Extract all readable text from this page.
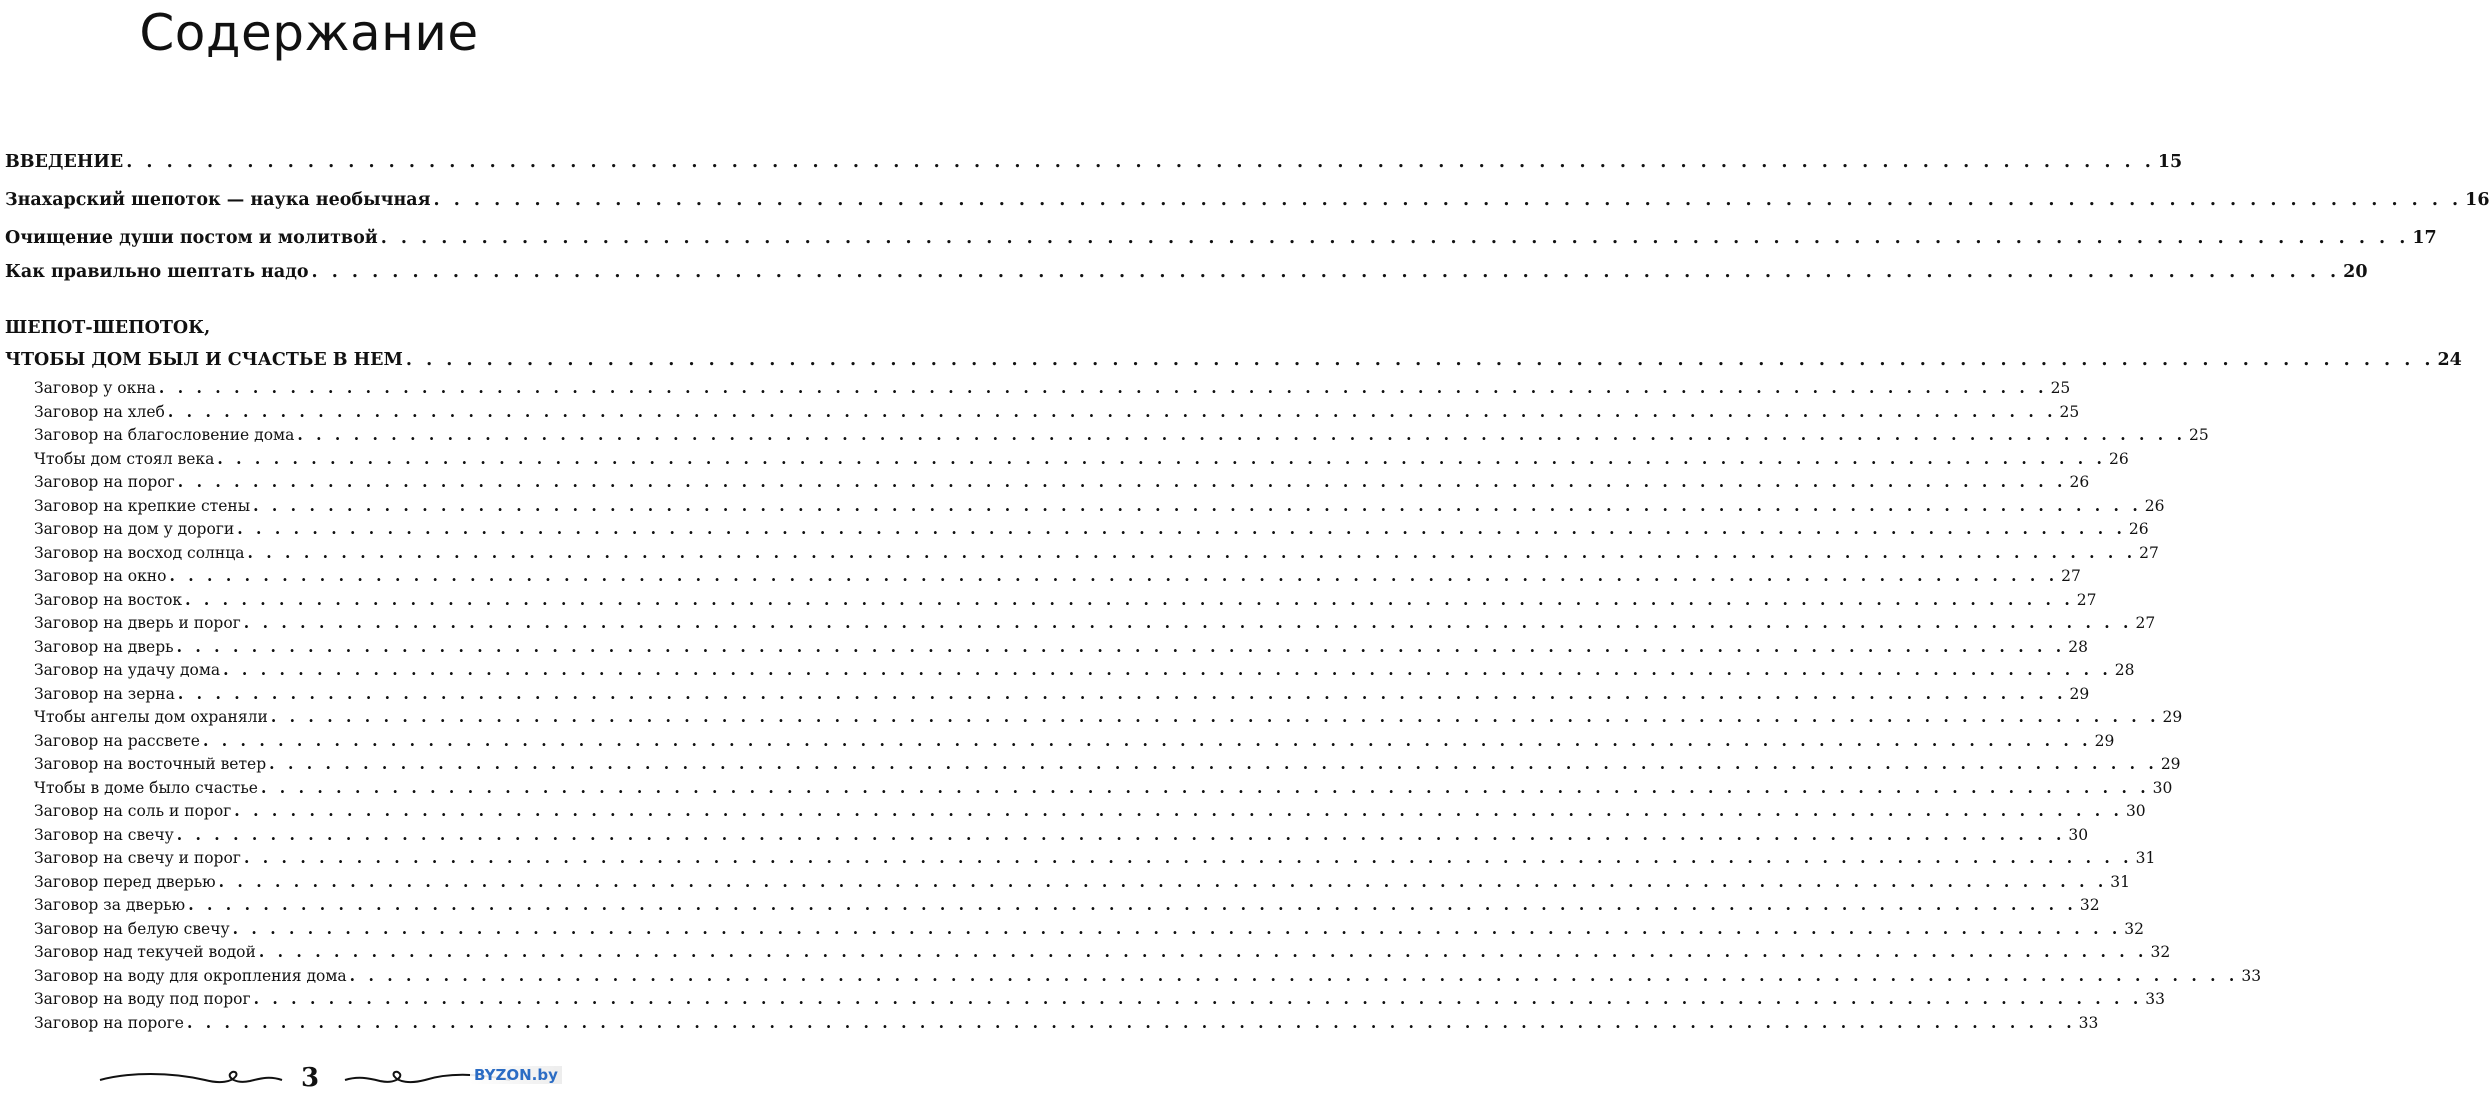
Содержание
ВВЕДЕНИЕ . . . . . . . . . . . . . . . . . . . . . . . . . . . . . . . . . . . . . . . . . . . . . . . . . . . . . . . . . . . . . . . . . . . . . . . . . . . . . . . . . . . . . . . . . . . . . . . . . . . . . 15
Знахарский шепоток — наука необычная . . . . . . . . . . . . . . . . . . . . . . . . . . . . . . . . . . . . . . . . . . . . . . . . . . . . . . . . . . . . . . . . . . . . . . . . . . . . . . . . . . . . . . . . . . . . . . . . . . . . . 16
Очищение души постом и молитвой . . . . . . . . . . . . . . . . . . . . . . . . . . . . . . . . . . . . . . . . . . . . . . . . . . . . . . . . . . . . . . . . . . . . . . . . . . . . . . . . . . . . . . . . . . . . . . . . . . . . . 17
Как правильно шептать надо . . . . . . . . . . . . . . . . . . . . . . . . . . . . . . . . . . . . . . . . . . . . . . . . . . . . . . . . . . . . . . . . . . . . . . . . . . . . . . . . . . . . . . . . . . . . . . . . . . . . . 20
ШЕПОТ-ШЕПОТОК,
ЧТОБЫ ДОМ БЫЛ И СЧАСТЬЕ В НЕМ . . . . . . . . . . . . . . . . . . . . . . . . . . . . . . . . . . . . . . . . . . . . . . . . . . . . . . . . . . . . . . . . . . . . . . . . . . . . . . . . . . . . . . . . . . . . . . . . . . . . . 24
Заговор у окна . . . . . . . . . . . . . . . . . . . . . . . . . . . . . . . . . . . . . . . . . . . . . . . . . . . . . . . . . . . . . . . . . . . . . . . . . . . . . . . . . . . . . . . . . . . . . . . . . . . . . 25
Заговор на хлеб . . . . . . . . . . . . . . . . . . . . . . . . . . . . . . . . . . . . . . . . . . . . . . . . . . . . . . . . . . . . . . . . . . . . . . . . . . . . . . . . . . . . . . . . . . . . . . . . . . . . . 25
Заговор на благословение дома . . . . . . . . . . . . . . . . . . . . . . . . . . . . . . . . . . . . . . . . . . . . . . . . . . . . . . . . . . . . . . . . . . . . . . . . . . . . . . . . . . . . . . . . . . . . . . . . . . . . . 25
Чтобы дом стоял века . . . . . . . . . . . . . . . . . . . . . . . . . . . . . . . . . . . . . . . . . . . . . . . . . . . . . . . . . . . . . . . . . . . . . . . . . . . . . . . . . . . . . . . . . . . . . . . . . . . . . 26
Заговор на порог . . . . . . . . . . . . . . . . . . . . . . . . . . . . . . . . . . . . . . . . . . . . . . . . . . . . . . . . . . . . . . . . . . . . . . . . . . . . . . . . . . . . . . . . . . . . . . . . . . . . . 26
Заговор на крепкие стены . . . . . . . . . . . . . . . . . . . . . . . . . . . . . . . . . . . . . . . . . . . . . . . . . . . . . . . . . . . . . . . . . . . . . . . . . . . . . . . . . . . . . . . . . . . . . . . . . . . . . 26
Заговор на дом у дороги . . . . . . . . . . . . . . . . . . . . . . . . . . . . . . . . . . . . . . . . . . . . . . . . . . . . . . . . . . . . . . . . . . . . . . . . . . . . . . . . . . . . . . . . . . . . . . . . . . . . . 26
Заговор на восход солнца . . . . . . . . . . . . . . . . . . . . . . . . . . . . . . . . . . . . . . . . . . . . . . . . . . . . . . . . . . . . . . . . . . . . . . . . . . . . . . . . . . . . . . . . . . . . . . . . . . . . . 27
Заговор на окно . . . . . . . . . . . . . . . . . . . . . . . . . . . . . . . . . . . . . . . . . . . . . . . . . . . . . . . . . . . . . . . . . . . . . . . . . . . . . . . . . . . . . . . . . . . . . . . . . . . . . 27
Заговор на восток . . . . . . . . . . . . . . . . . . . . . . . . . . . . . . . . . . . . . . . . . . . . . . . . . . . . . . . . . . . . . . . . . . . . . . . . . . . . . . . . . . . . . . . . . . . . . . . . . . . . . 27
Заговор на дверь и порог . . . . . . . . . . . . . . . . . . . . . . . . . . . . . . . . . . . . . . . . . . . . . . . . . . . . . . . . . . . . . . . . . . . . . . . . . . . . . . . . . . . . . . . . . . . . . . . . . . . . . 27
Заговор на дверь . . . . . . . . . . . . . . . . . . . . . . . . . . . . . . . . . . . . . . . . . . . . . . . . . . . . . . . . . . . . . . . . . . . . . . . . . . . . . . . . . . . . . . . . . . . . . . . . . . . . . 28
Заговор на удачу дома . . . . . . . . . . . . . . . . . . . . . . . . . . . . . . . . . . . . . . . . . . . . . . . . . . . . . . . . . . . . . . . . . . . . . . . . . . . . . . . . . . . . . . . . . . . . . . . . . . . . . 28
Заговор на зерна . . . . . . . . . . . . . . . . . . . . . . . . . . . . . . . . . . . . . . . . . . . . . . . . . . . . . . . . . . . . . . . . . . . . . . . . . . . . . . . . . . . . . . . . . . . . . . . . . . . . . 29
Чтобы ангелы дом охраняли . . . . . . . . . . . . . . . . . . . . . . . . . . . . . . . . . . . . . . . . . . . . . . . . . . . . . . . . . . . . . . . . . . . . . . . . . . . . . . . . . . . . . . . . . . . . . . . . . . . . . 29
Заговор на рассвете . . . . . . . . . . . . . . . . . . . . . . . . . . . . . . . . . . . . . . . . . . . . . . . . . . . . . . . . . . . . . . . . . . . . . . . . . . . . . . . . . . . . . . . . . . . . . . . . . . . . . 29
Заговор на восточный ветер . . . . . . . . . . . . . . . . . . . . . . . . . . . . . . . . . . . . . . . . . . . . . . . . . . . . . . . . . . . . . . . . . . . . . . . . . . . . . . . . . . . . . . . . . . . . . . . . . . . . . 29
Чтобы в доме было счастье . . . . . . . . . . . . . . . . . . . . . . . . . . . . . . . . . . . . . . . . . . . . . . . . . . . . . . . . . . . . . . . . . . . . . . . . . . . . . . . . . . . . . . . . . . . . . . . . . . . . . 30
Заговор на соль и порог . . . . . . . . . . . . . . . . . . . . . . . . . . . . . . . . . . . . . . . . . . . . . . . . . . . . . . . . . . . . . . . . . . . . . . . . . . . . . . . . . . . . . . . . . . . . . . . . . . . . . 30
Заговор на свечу . . . . . . . . . . . . . . . . . . . . . . . . . . . . . . . . . . . . . . . . . . . . . . . . . . . . . . . . . . . . . . . . . . . . . . . . . . . . . . . . . . . . . . . . . . . . . . . . . . . . . 30
Заговор на свечу и порог . . . . . . . . . . . . . . . . . . . . . . . . . . . . . . . . . . . . . . . . . . . . . . . . . . . . . . . . . . . . . . . . . . . . . . . . . . . . . . . . . . . . . . . . . . . . . . . . . . . . . 31
Заговор перед дверью . . . . . . . . . . . . . . . . . . . . . . . . . . . . . . . . . . . . . . . . . . . . . . . . . . . . . . . . . . . . . . . . . . . . . . . . . . . . . . . . . . . . . . . . . . . . . . . . . . . . . 31
Заговор за дверью . . . . . . . . . . . . . . . . . . . . . . . . . . . . . . . . . . . . . . . . . . . . . . . . . . . . . . . . . . . . . . . . . . . . . . . . . . . . . . . . . . . . . . . . . . . . . . . . . . . . . 32
Заговор на белую свечу . . . . . . . . . . . . . . . . . . . . . . . . . . . . . . . . . . . . . . . . . . . . . . . . . . . . . . . . . . . . . . . . . . . . . . . . . . . . . . . . . . . . . . . . . . . . . . . . . . . . . 32
Заговор над текучей водой . . . . . . . . . . . . . . . . . . . . . . . . . . . . . . . . . . . . . . . . . . . . . . . . . . . . . . . . . . . . . . . . . . . . . . . . . . . . . . . . . . . . . . . . . . . . . . . . . . . . . 32
Заговор на воду для окропления дома . . . . . . . . . . . . . . . . . . . . . . . . . . . . . . . . . . . . . . . . . . . . . . . . . . . . . . . . . . . . . . . . . . . . . . . . . . . . . . . . . . . . . . . . . . . . . . . . . . . . . 33
Заговор на воду под порог . . . . . . . . . . . . . . . . . . . . . . . . . . . . . . . . . . . . . . . . . . . . . . . . . . . . . . . . . . . . . . . . . . . . . . . . . . . . . . . . . . . . . . . . . . . . . . . . . . . . . 33
Заговор на пороге . . . . . . . . . . . . . . . . . . . . . . . . . . . . . . . . . . . . . . . . . . . . . . . . . . . . . . . . . . . . . . . . . . . . . . . . . . . . . . . . . . . . . . . . . . . . . . . . . . . . . 33
3	BYZON.by
